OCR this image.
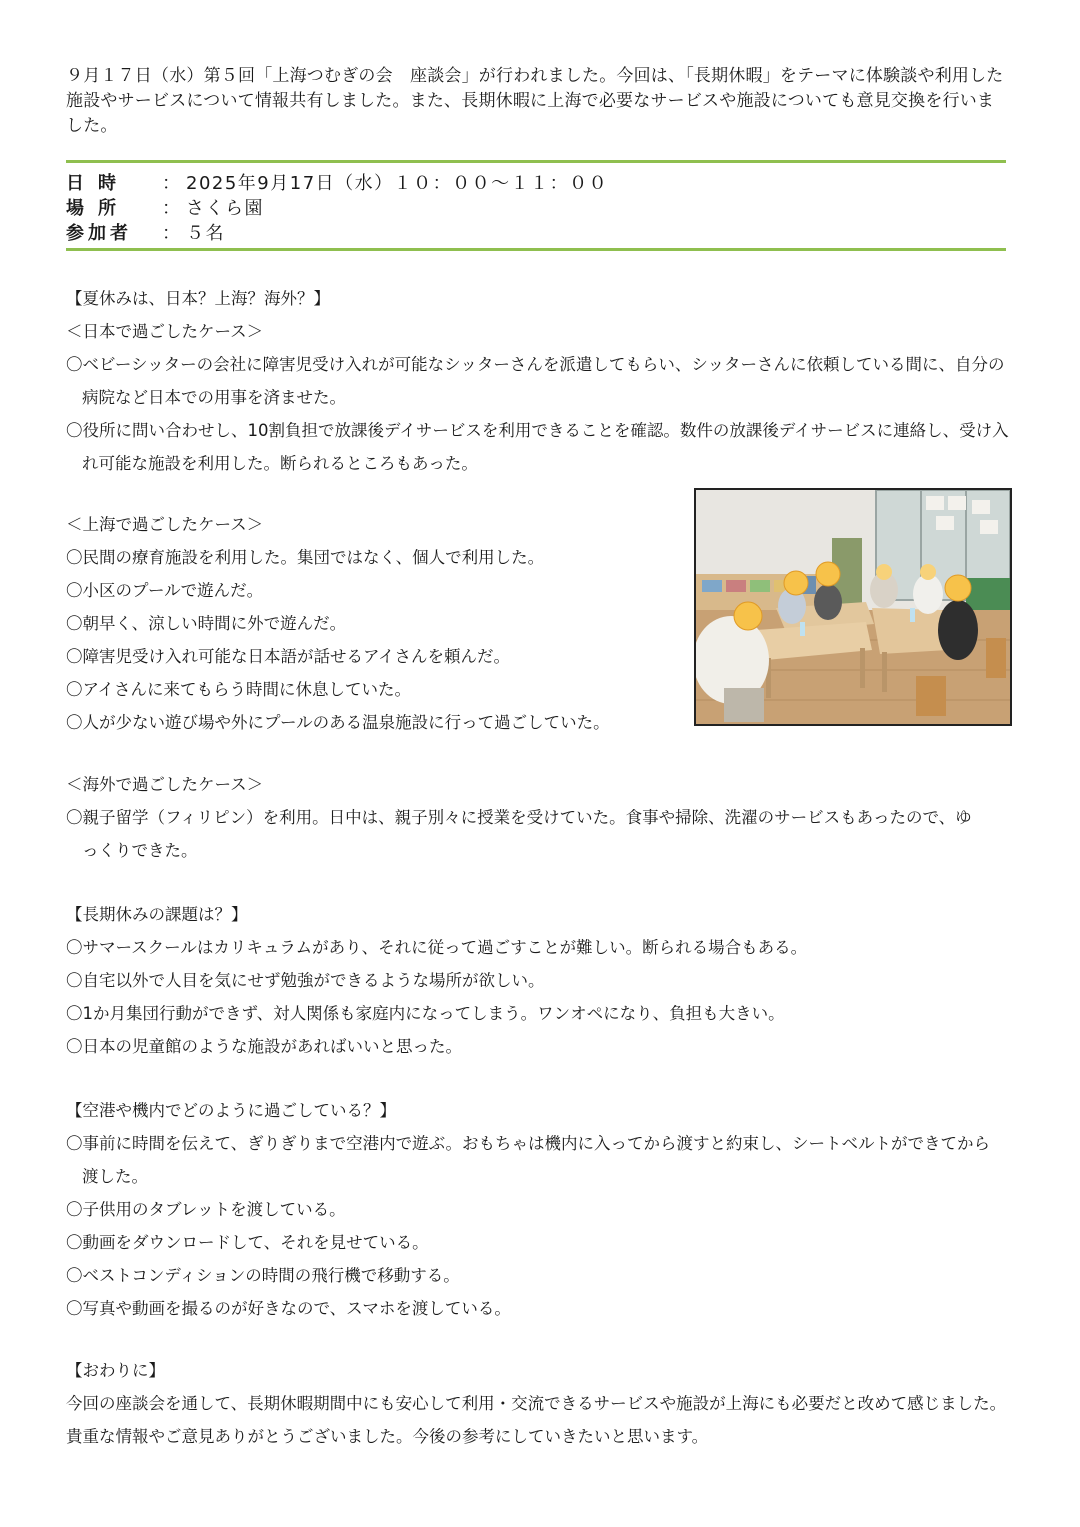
９月１７日（水）第５回「上海つむぎの会　座談会」が行われました。今回は、「長期休暇」をテーマに体験談や利用した施設やサービスについて情報共有しました。また、長期休暇に上海で必要なサービスや施設についても意見交換を行いました。

日時	： 2025年9月17日（水）１０：００～１１：００
場所	： さくら園
参加者	： ５名
【夏休みは、日本？上海？海外？】
＜日本で過ごしたケース＞
〇ベビーシッターの会社に障害児受け入れが可能なシッターさんを派遣してもらい、シッターさんに依頼している間に、自分の病院など日本での用事を済ませた。
〇役所に問い合わせし、10割負担で放課後デイサービスを利用できることを確認。数件の放課後デイサービスに連絡し、受け入れ可能な施設を利用した。断られるところもあった。
＜上海で過ごしたケース＞
〇民間の療育施設を利用した。集団ではなく、個人で利用した。
〇小区のプールで遊んだ。
〇朝早く、涼しい時間に外で遊んだ。
〇障害児受け入れ可能な日本語が話せるアイさんを頼んだ。
〇アイさんに来てもらう時間に休息していた。
〇人が少ない遊び場や外にプールのある温泉施設に行って過ごしていた。
＜海外で過ごしたケース＞
〇親子留学（フィリピン）を利用。日中は、親子別々に授業を受けていた。食事や掃除、洗濯のサービスもあったので、ゆっくりできた。
【長期休みの課題は？】
〇サマースクールはカリキュラムがあり、それに従って過ごすことが難しい。断られる場合もある。
〇自宅以外で人目を気にせず勉強ができるような場所が欲しい。
〇1か月集団行動ができず、対人関係も家庭内になってしまう。ワンオペになり、負担も大きい。
〇日本の児童館のような施設があればいいと思った。
【空港や機内でどのように過ごしている？】
〇事前に時間を伝えて、ぎりぎりまで空港内で遊ぶ。おもちゃは機内に入ってから渡すと約束し、シートベルトができてから渡した。
〇子供用のタブレットを渡している。
〇動画をダウンロードして、それを見せている。
〇ベストコンディションの時間の飛行機で移動する。
〇写真や動画を撮るのが好きなので、スマホを渡している。
【おわりに】
今回の座談会を通して、長期休暇期間中にも安心して利用・交流できるサービスや施設が上海にも必要だと改めて感じました。貴重な情報やご意見ありがとうございました。今後の参考にしていきたいと思います。
